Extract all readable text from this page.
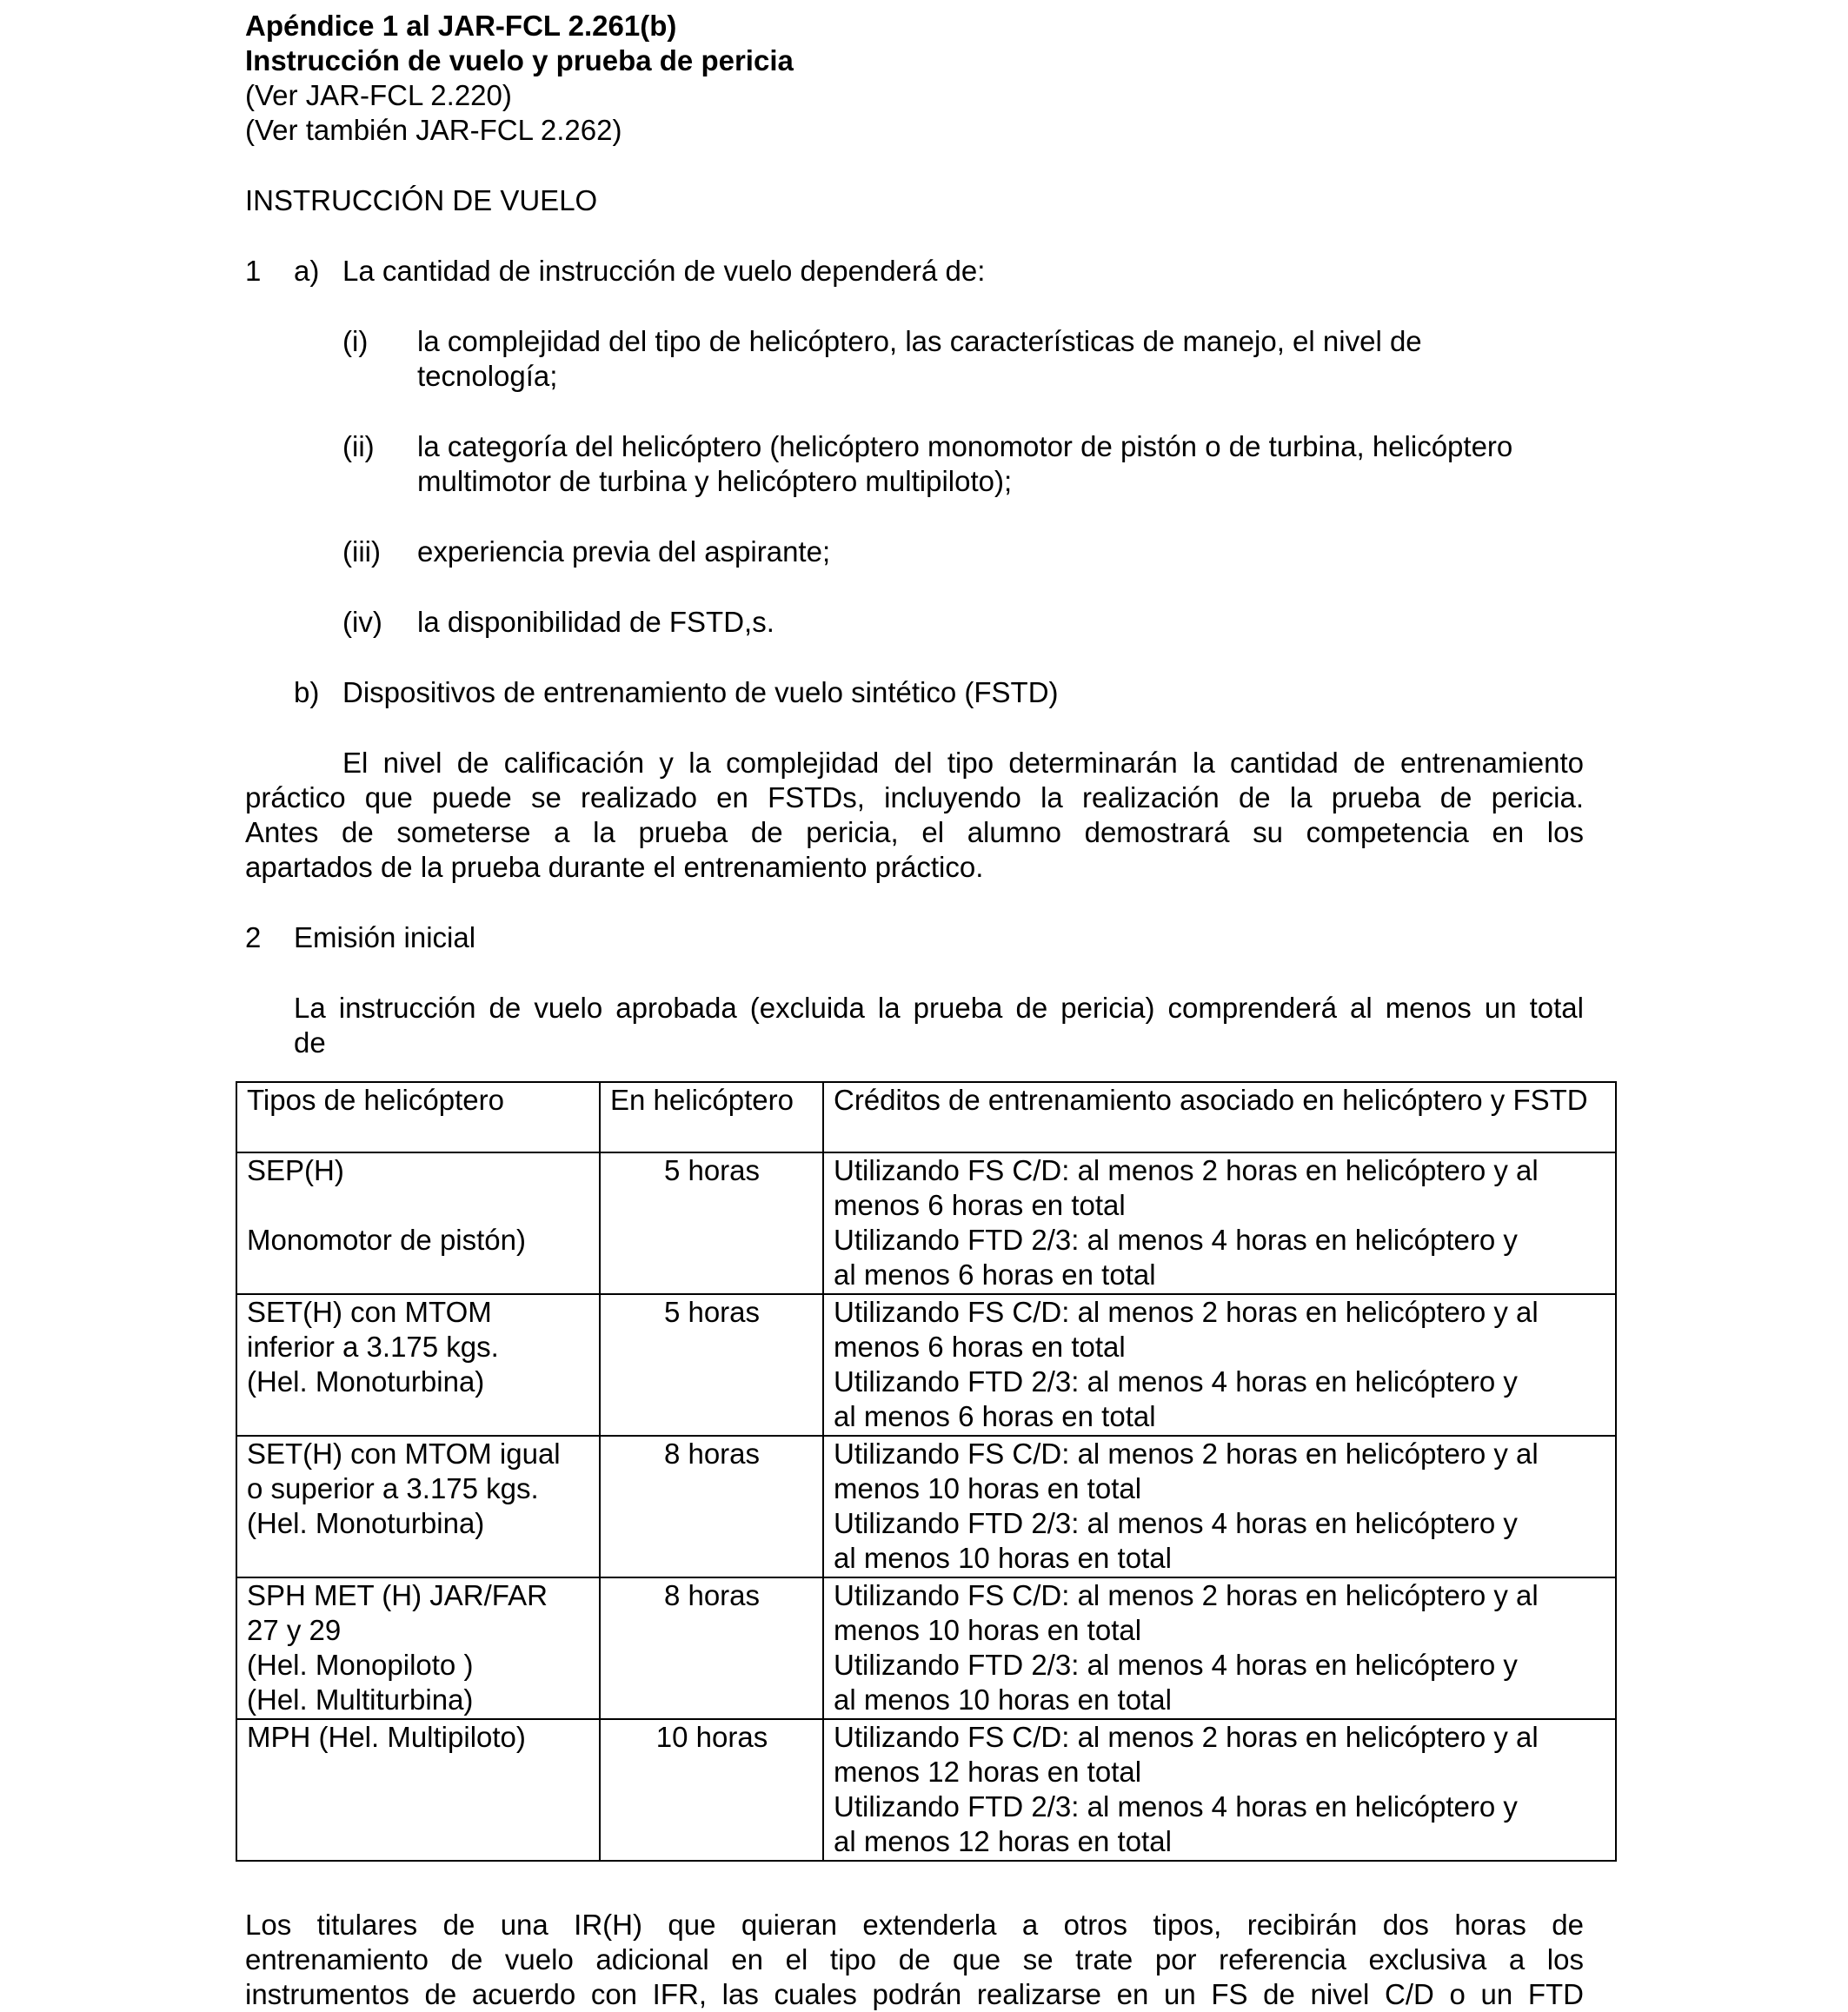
Apéndice 1 al JAR-FCL 2.261(b)
Instrucción de vuelo y prueba de pericia
(Ver JAR-FCL 2.220)
(Ver también JAR-FCL 2.262)
INSTRUCCIÓN DE VUELO
1 a) La cantidad de instrucción de vuelo dependerá de:
(i) la complejidad del tipo de helicóptero, las características de manejo, el nivel de
tecnología;
(ii) la categoría del helicóptero (helicóptero monomotor de pistón o de turbina, helicóptero
multimotor de turbina y helicóptero multipiloto);
(iii) experiencia previa del aspirante;
(iv) la disponibilidad de FSTD,s.
b) Dispositivos de entrenamiento de vuelo sintético (FSTD)
El nivel de calificación y la complejidad del tipo determinarán la cantidad de entrenamiento
práctico que puede se realizado en FSTDs, incluyendo la realización de la prueba de pericia.
Antes de someterse a la prueba de pericia, el alumno demostrará su competencia en los
apartados de la prueba durante el entrenamiento práctico.
2 Emisión inicial
La instrucción de vuelo aprobada (excluida la prueba de pericia) comprenderá al menos un total
de
Tipos de helicóptero	En helicóptero	Créditos de entrenamiento asociado en helicóptero y FSTD

SEP(H)
Monomotor de pistón)	5 horas	Utilizando FS C/D: al menos 2 horas en helicóptero y al
menos 6 horas en total
Utilizando FTD 2/3: al menos 4 horas en helicóptero y
al menos 6 horas en total

SET(H) con MTOM
inferior a 3.175 kgs.
(Hel. Monoturbina)	5 horas	Utilizando FS C/D: al menos 2 horas en helicóptero y al
menos 6 horas en total
Utilizando FTD 2/3: al menos 4 horas en helicóptero y
al menos 6 horas en total

SET(H) con MTOM igual
o superior a 3.175 kgs.
(Hel. Monoturbina)	8 horas	Utilizando FS C/D: al menos 2 horas en helicóptero y al
menos 10 horas en total
Utilizando FTD 2/3: al menos 4 horas en helicóptero y
al menos 10 horas en total

SPH MET (H) JAR/FAR
27 y 29
(Hel. Monopiloto )
(Hel. Multiturbina)	8 horas	Utilizando FS C/D: al menos 2 horas en helicóptero y al
menos 10 horas en total
Utilizando FTD 2/3: al menos 4 horas en helicóptero y
al menos 10 horas en total

MPH (Hel. Multipiloto)	10 horas	Utilizando FS C/D: al menos 2 horas en helicóptero y al
menos 12 horas en total
Utilizando FTD 2/3: al menos 4 horas en helicóptero y
al menos 12 horas en total
Los titulares de una IR(H) que quieran extenderla a otros tipos, recibirán dos horas de
entrenamiento de vuelo adicional en el tipo de que se trate por referencia exclusiva a los
instrumentos de acuerdo con IFR, las cuales podrán realizarse en un FS de nivel C/D o un FTD
